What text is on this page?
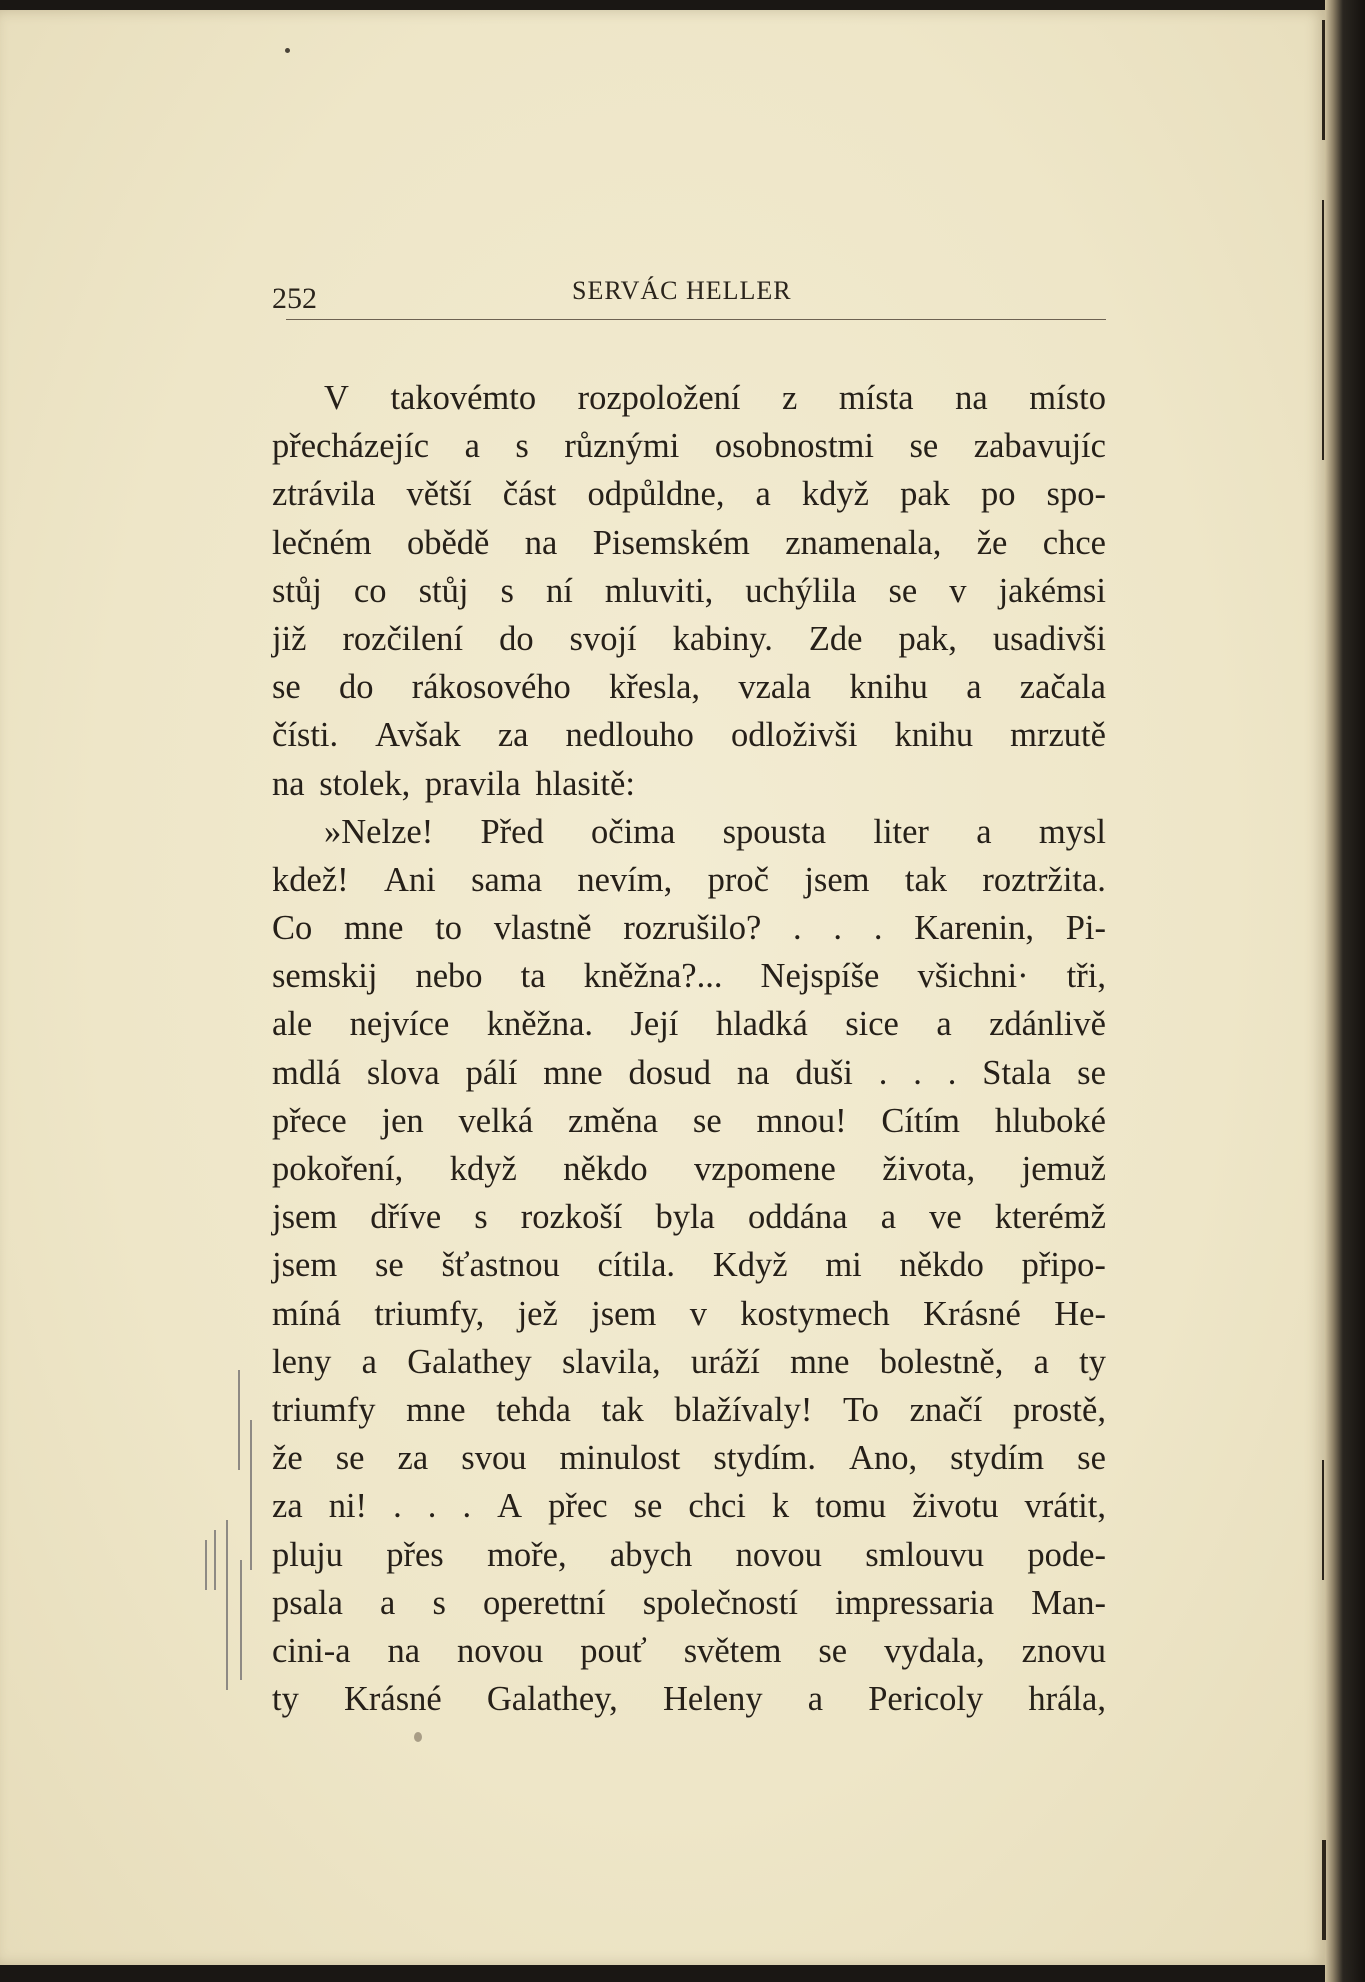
252	SERVÁC HELLER
V takovémto rozpoložení z místa na místo
přecházejíc a s různými osobnostmi se zabavujíc
ztrávila větší část odpůldne, a když pak po spo-
lečném obědě na Pisemském znamenala, že chce
stůj co stůj s ní mluviti, uchýlila se v jakémsi
již rozčilení do svojí kabiny. Zde pak, usadivši
se do rákosového křesla, vzala knihu a začala
čísti. Avšak za nedlouho odloživši knihu mrzutě
na stolek, pravila hlasitě:
»Nelze! Před očima spousta liter a mysl
kdež! Ani sama nevím, proč jsem tak roztržita.
Co mne to vlastně rozrušilo? . . . Karenin, Pi-
semskij nebo ta kněžna?... Nejspíše všichni· tři,
ale nejvíce kněžna. Její hladká sice a zdánlivě
mdlá slova pálí mne dosud na duši . . . Stala se
přece jen velká změna se mnou! Cítím hluboké
pokoření, když někdo vzpomene života, jemuž
jsem dříve s rozkoší byla oddána a ve kterémž
jsem se šťastnou cítila. Když mi někdo připo-
míná triumfy, jež jsem v kostymech Krásné He-
leny a Galathey slavila, uráží mne bolestně, a ty
triumfy mne tehda tak blažívaly! To značí prostě,
že se za svou minulost stydím. Ano, stydím se
za ni! . . . A přec se chci k tomu životu vrátit,
pluju přes moře, abych novou smlouvu pode-
psala a s operettní společností impressaria Man-
cini-a na novou pouť světem se vydala, znovu
ty Krásné Galathey, Heleny a Pericoly hrála,
